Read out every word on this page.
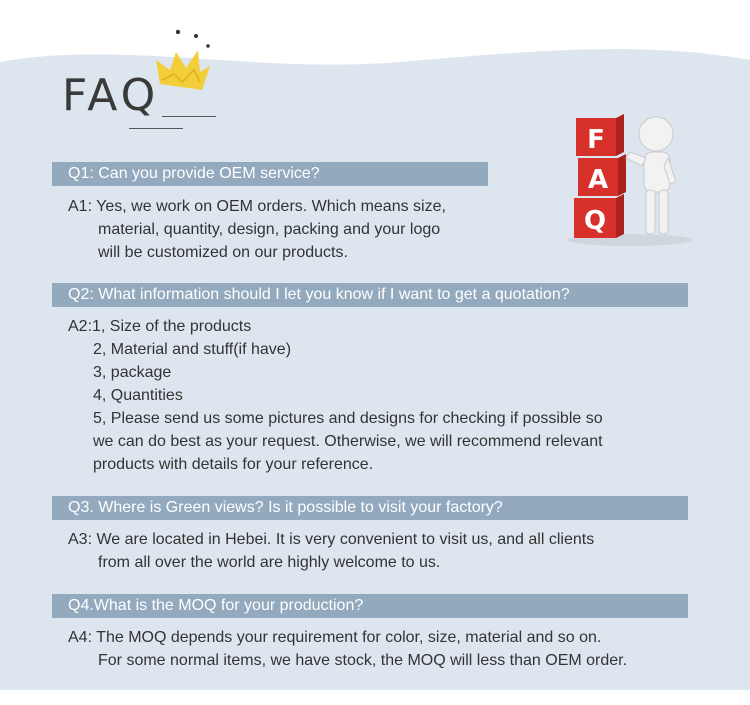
FAQ
F
A
Q
Q1: Can you provide OEM service?
A1: Yes, we work on OEM orders. Which means size,
material, quantity, design, packing and your logo
will be customized on our products.
Q2: What information should I let you know if I want to get a quotation?
A2:1, Size of the products
2, Material and stuff(if have)
3, package
4, Quantities
5, Please send us some pictures and designs for checking if possible so
we can do best as your request. Otherwise, we will recommend relevant
products with details for your reference.
Q3. Where is Green views? Is it possible to visit your factory?
A3: We are located in Hebei. It is very convenient to visit us, and all clients
from all over the world are highly welcome to us.
Q4.What is the MOQ for your production?
A4: The MOQ depends your requirement for color, size, material and so on.
For some normal items, we have stock, the MOQ will less than OEM order.
